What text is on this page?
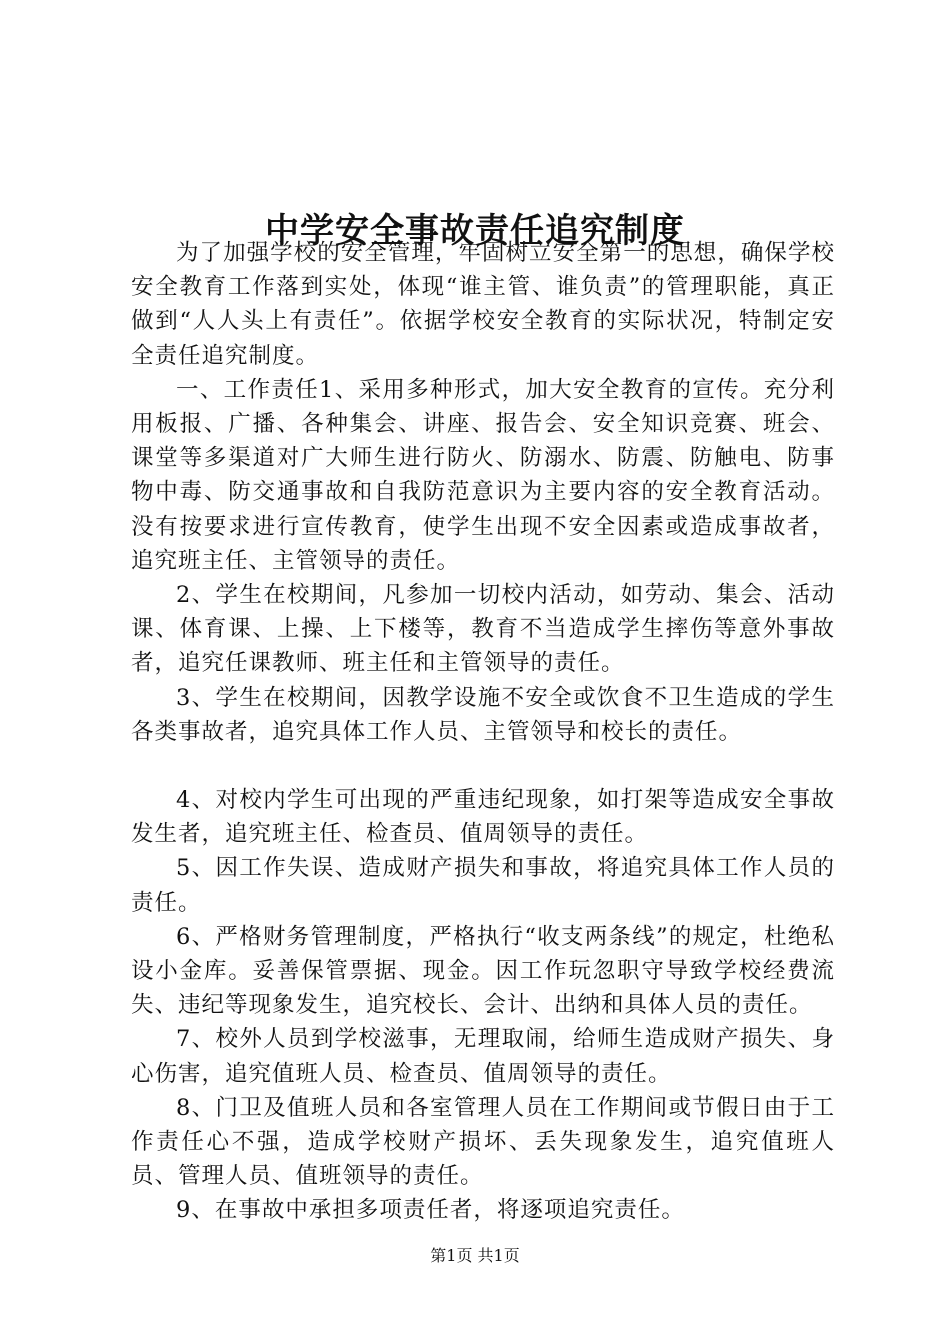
中学安全事故责任追究制度

为了加强学校的安全管理，牢固树立安全第一的思想，确保学校安全教育工作落到实处，体现“谁主管、谁负责”的管理职能，真正做到“人人头上有责任”。依据学校安全教育的实际状况，特制定安全责任追究制度。

一、工作责任1、采用多种形式，加大安全教育的宣传。充分利用板报、广播、各种集会、讲座、报告会、安全知识竞赛、班会、课堂等多渠道对广大师生进行防火、防溺水、防震、防触电、防事物中毒、防交通事故和自我防范意识为主要内容的安全教育活动。没有按要求进行宣传教育，使学生出现不安全因素或造成事故者，追究班主任、主管领导的责任。

2、学生在校期间，凡参加一切校内活动，如劳动、集会、活动课、体育课、上操、上下楼等，教育不当造成学生摔伤等意外事故者，追究任课教师、班主任和主管领导的责任。

3、学生在校期间，因教学设施不安全或饮食不卫生造成的学生各类事故者，追究具体工作人员、主管领导和校长的责任。

4、对校内学生可出现的严重违纪现象，如打架等造成安全事故发生者，追究班主任、检查员、值周领导的责任。

5、因工作失误、造成财产损失和事故，将追究具体工作人员的责任。

6、严格财务管理制度，严格执行“收支两条线”的规定，杜绝私设小金库。妥善保管票据、现金。因工作玩忽职守导致学校经费流失、违纪等现象发生，追究校长、会计、出纳和具体人员的责任。

7、校外人员到学校滋事，无理取闹，给师生造成财产损失、身心伤害，追究值班人员、检查员、值周领导的责任。

8、门卫及值班人员和各室管理人员在工作期间或节假日由于工作责任心不强，造成学校财产损坏、丢失现象发生，追究值班人员、管理人员、值班领导的责任。

9、在事故中承担多项责任者，将逐项追究责任。

第1页 共1页
